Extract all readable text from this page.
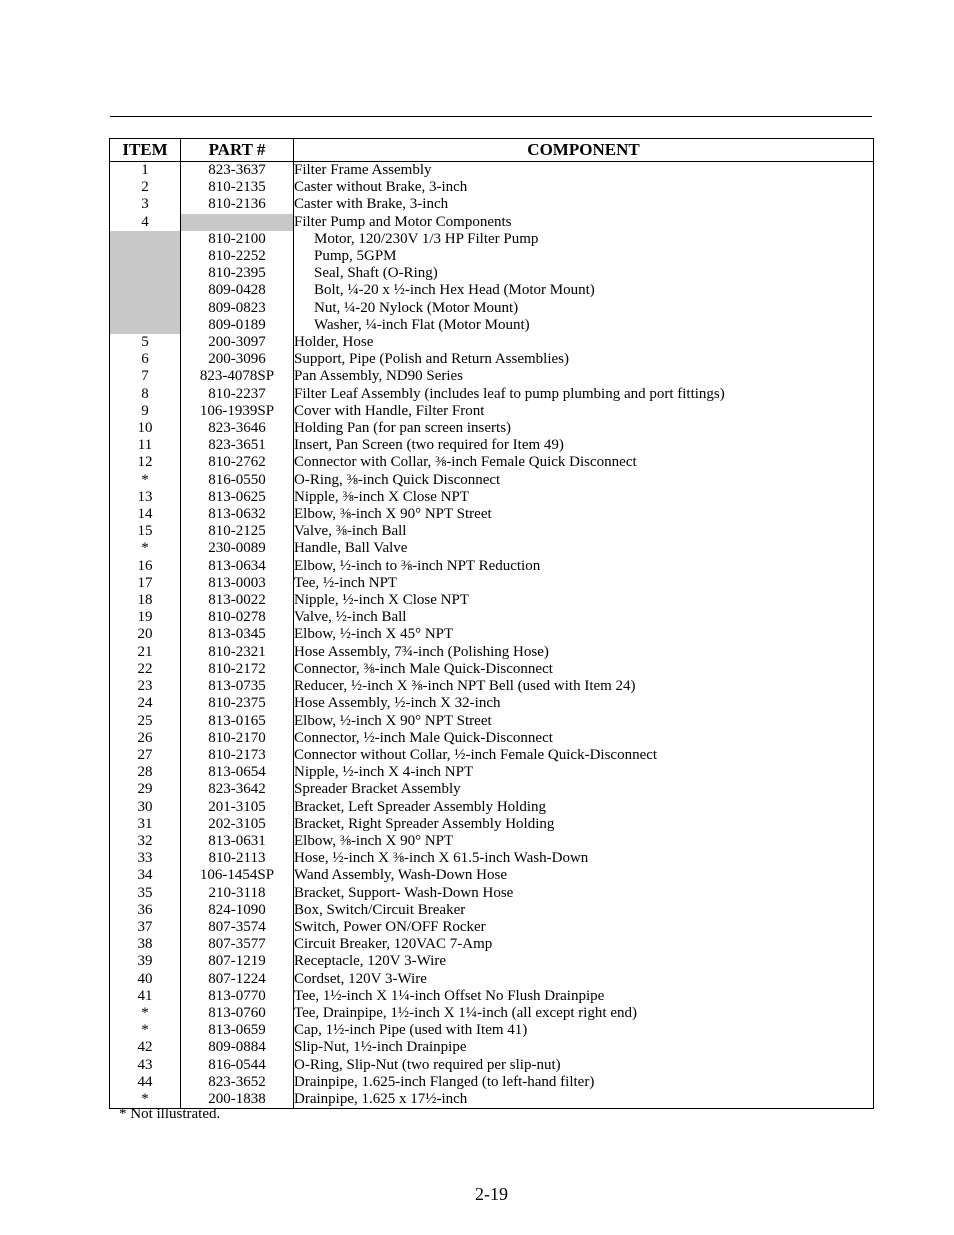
ITEM	PART #	COMPONENT
1	823-3637	Filter Frame Assembly
2	810-2135	Caster without Brake, 3-inch
3	810-2136	Caster with Brake, 3-inch
4		Filter Pump and Motor Components
	810-2100	Motor, 120/230V 1/3 HP Filter Pump
	810-2252	Pump, 5GPM
	810-2395	Seal, Shaft (O-Ring)
	809-0428	Bolt, ¼-20 x ½-inch Hex Head (Motor Mount)
	809-0823	Nut, ¼-20 Nylock (Motor Mount)
	809-0189	Washer, ¼-inch Flat (Motor Mount)
5	200-3097	Holder, Hose
6	200-3096	Support, Pipe (Polish and Return Assemblies)
7	823-4078SP	Pan Assembly, ND90 Series
8	810-2237	Filter Leaf Assembly (includes leaf to pump plumbing and port fittings)
9	106-1939SP	Cover with Handle, Filter Front
10	823-3646	Holding Pan (for pan screen inserts)
11	823-3651	Insert, Pan Screen (two required for Item 49)
12	810-2762	Connector with Collar, ⅜-inch Female Quick Disconnect
*	816-0550	O-Ring, ⅜-inch Quick Disconnect
13	813-0625	Nipple, ⅜-inch X Close NPT
14	813-0632	Elbow, ⅜-inch X 90° NPT Street
15	810-2125	Valve, ⅜-inch Ball
*	230-0089	Handle, Ball Valve
16	813-0634	Elbow, ½-inch to ⅜-inch NPT Reduction
17	813-0003	Tee, ½-inch NPT
18	813-0022	Nipple, ½-inch X Close NPT
19	810-0278	Valve, ½-inch Ball
20	813-0345	Elbow, ½-inch X 45° NPT
21	810-2321	Hose Assembly, 7¾-inch (Polishing Hose)
22	810-2172	Connector, ⅜-inch Male Quick-Disconnect
23	813-0735	Reducer, ½-inch X ⅜-inch NPT Bell (used with Item 24)
24	810-2375	Hose Assembly, ½-inch X 32-inch
25	813-0165	Elbow, ½-inch X 90° NPT Street
26	810-2170	Connector, ½-inch Male Quick-Disconnect
27	810-2173	Connector without Collar, ½-inch Female Quick-Disconnect
28	813-0654	Nipple, ½-inch X 4-inch NPT
29	823-3642	Spreader Bracket Assembly
30	201-3105	Bracket, Left Spreader Assembly Holding
31	202-3105	Bracket, Right Spreader Assembly Holding
32	813-0631	Elbow, ⅜-inch X 90° NPT
33	810-2113	Hose, ½-inch X ⅜-inch X 61.5-inch Wash-Down
34	106-1454SP	Wand Assembly, Wash-Down Hose
35	210-3118	Bracket, Support- Wash-Down Hose
36	824-1090	Box, Switch/Circuit Breaker
37	807-3574	Switch, Power ON/OFF Rocker
38	807-3577	Circuit Breaker, 120VAC 7-Amp
39	807-1219	Receptacle, 120V 3-Wire
40	807-1224	Cordset, 120V 3-Wire
41	813-0770	Tee, 1½-inch X 1¼-inch Offset No Flush Drainpipe
*	813-0760	Tee, Drainpipe, 1½-inch X 1¼-inch (all except right end)
*	813-0659	Cap, 1½-inch Pipe (used with Item 41)
42	809-0884	Slip-Nut, 1½-inch Drainpipe
43	816-0544	O-Ring, Slip-Nut (two required per slip-nut)
44	823-3652	Drainpipe, 1.625-inch Flanged (to left-hand filter)
*	200-1838	Drainpipe, 1.625 x 17½-inch
* Not illustrated.
2-19
